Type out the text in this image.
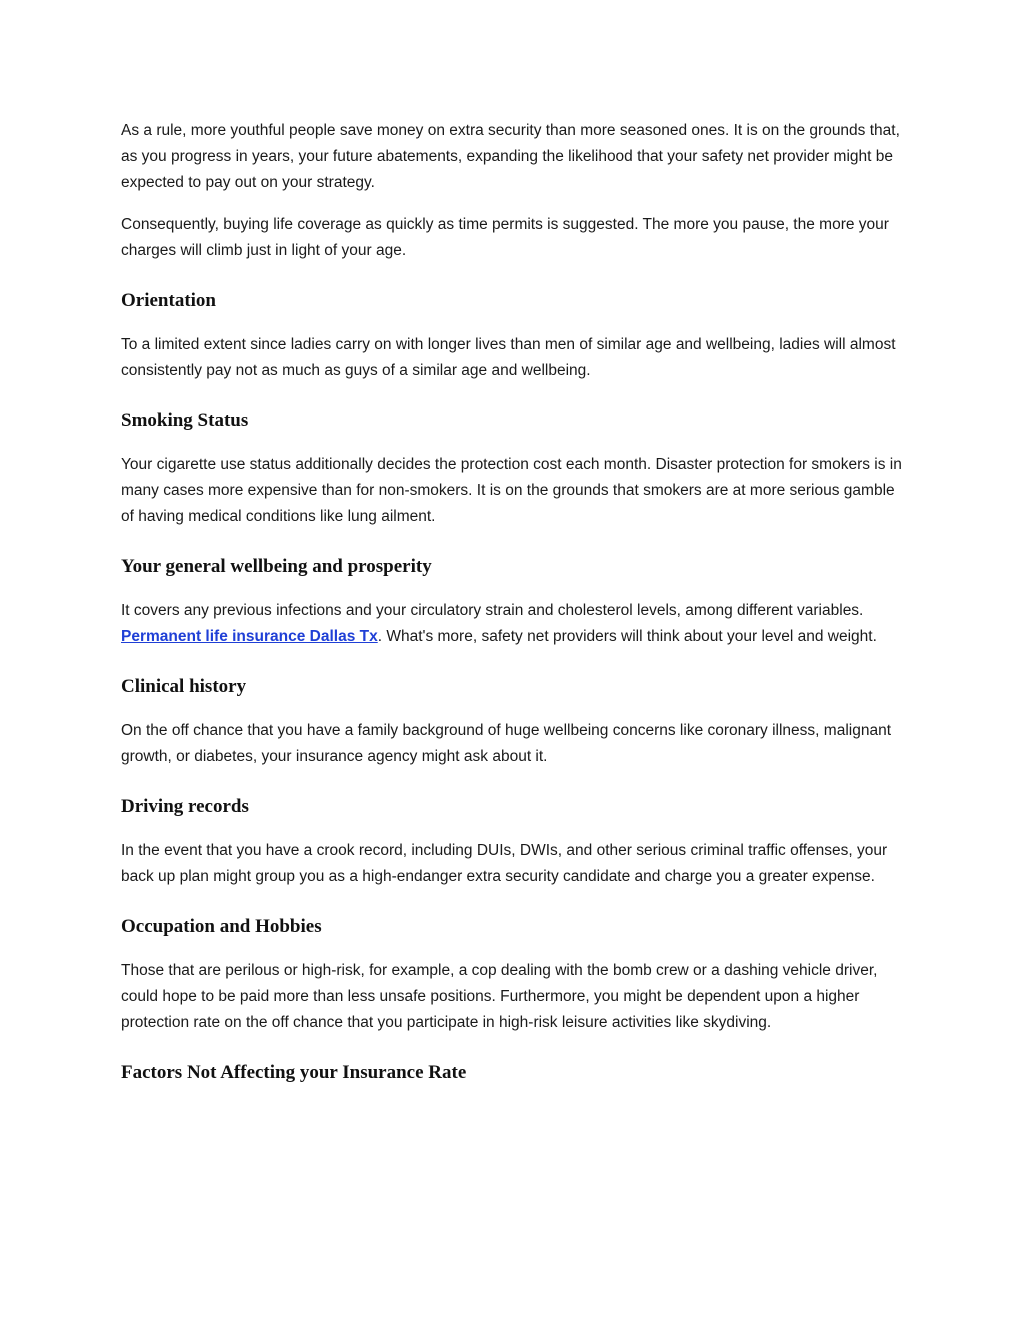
As a rule, more youthful people save money on extra security than more seasoned ones. It is on the grounds that, as you progress in years, your future abatements, expanding the likelihood that your safety net provider might be expected to pay out on your strategy.

Consequently, buying life coverage as quickly as time permits is suggested. The more you pause, the more your charges will climb just in light of your age.

Orientation

To a limited extent since ladies carry on with longer lives than men of similar age and wellbeing, ladies will almost consistently pay not as much as guys of a similar age and wellbeing.

Smoking Status

Your cigarette use status additionally decides the protection cost each month. Disaster protection for smokers is in many cases more expensive than for non-smokers. It is on the grounds that smokers are at more serious gamble of having medical conditions like lung ailment.

Your general wellbeing and prosperity

It covers any previous infections and your circulatory strain and cholesterol levels, among different variables. Permanent life insurance Dallas Tx. What's more, safety net providers will think about your level and weight.

Clinical history

On the off chance that you have a family background of huge wellbeing concerns like coronary illness, malignant growth, or diabetes, your insurance agency might ask about it.

Driving records

In the event that you have a crook record, including DUIs, DWIs, and other serious criminal traffic offenses, your back up plan might group you as a high-endanger extra security candidate and charge you a greater expense.

Occupation and Hobbies

Those that are perilous or high-risk, for example, a cop dealing with the bomb crew or a dashing vehicle driver, could hope to be paid more than less unsafe positions. Furthermore, you might be dependent upon a higher protection rate on the off chance that you participate in high-risk leisure activities like skydiving.

Factors Not Affecting your Insurance Rate
